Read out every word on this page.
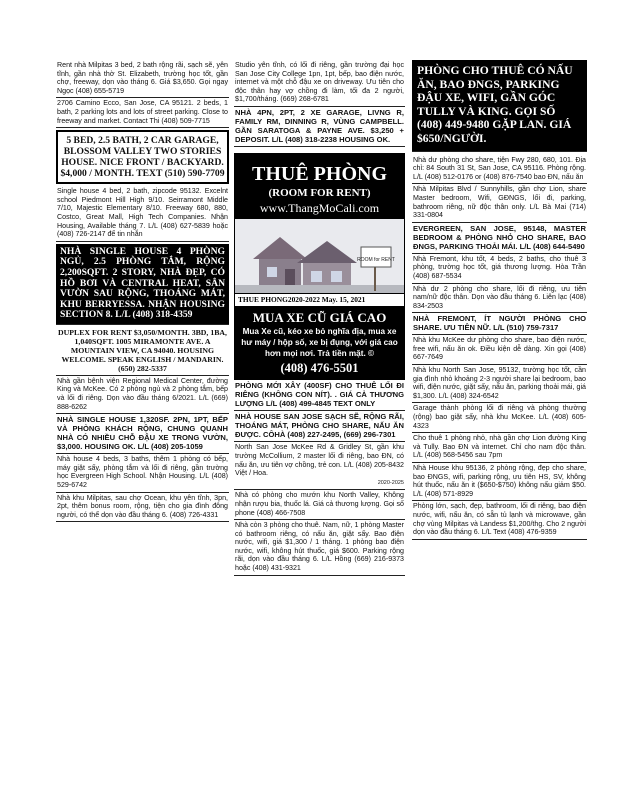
Rent nhà Milpitas 3 bed, 2 bath rộng rãi, sạch sẽ, yên tĩnh, gần nhà thờ St. Elizabeth, trường học tốt, gần chợ, freeway, dọn vào tháng 6. Giá $3,650. Gọi ngay Ngọc (408) 655-5719
2706 Camino Ecco, San Jose, CA 95121. 2 beds, 1 bath, 2 parking lots and lots of street parking. Close to freeway and market. Contact Thi (408) 509-7715
5 BED, 2.5 BATH, 2 CAR GARAGE, BLOSSOM VALLEY TWO STORIES HOUSE. NICE FRONT / BACKYARD. $4,000 / MONTH. TEXT (510) 590-7709
Single house 4 bed, 2 bath, zipcode 95132. Excelnt school Piedmont Hill High 9/10. Seirramont Middle 7/10, Majestic Elementary 8/10. Freeway 680, 880, Costco, Great Mall, High Tech Companies. Nhận Housing, Available tháng 7. L/L (408) 627-5839 hoặc (408) 726-2147 để tin nhắn
NHÀ SINGLE HOUSE 4 PHÒNG NGỦ, 2.5 PHÒNG TẮM, RỘNG 2,200SQFT. 2 STORY, NHÀ ĐẸP, CÓ HỒ BƠI VÀ CENTRAL HEAT, SÂN VƯỜN SAU RỘNG, THOÁNG MÁT, KHU BERRYESSA. NHẬN HOUSING SECTION 8. L/L (408) 318-4359
DUPLEX FOR RENT $3,050/MONTH. 3BD, 1BA, 1,040SQFT. 1005 MIRAMONTE AVE. A MOUNTAIN VIEW, CA 94040. HOUSING WELCOME. SPEAK ENGLISH / MANDARIN. (650) 282-5337
Nhà gần bệnh viện Regional Medical Center, đường King và McKee. Có 2 phòng ngủ và 2 phòng tắm, bếp và lối đi riêng. Dọn vào đầu tháng 6/2021. L/L (669) 888-6262
NHÀ SINGLE HOUSE 1,320SF. 2PN, 1PT, BẾP VÀ PHÒNG KHÁCH RỘNG, CHUNG QUANH NHÀ CÓ NHIỀU CHỖ ĐẬU XE TRONG VƯỜN, $3,000. HOUSING OK. L/L (408) 205-1059
Nhà house 4 beds, 3 baths, thêm 1 phòng có bếp, máy giặt sấy, phòng tắm và lối đi riêng, gần trường học Evergreen High School. Nhận Housing. L/L (408) 529-6742
Nhà khu Milpitas, sau chợ Ocean, khu yên tĩnh, 3pn, 2pt, thêm bonus room, rộng, tiện cho gia đình đông người, có thể dọn vào đầu tháng 6. (408) 726-4331
Studio yên tĩnh, có lối đi riêng, gần trường đại học San Jose City College 1pn, 1pt, bếp, bao điện nước, internet và một chỗ đậu xe on driveway. Ưu tiên cho độc thân hay vợ chồng đi làm, tối đa 2 người, $1,700/tháng. (669) 268-6781
NHÀ 4PN, 2PT, 2 XE GARAGE, LIVNG R, FAMILY RM, DINNING R, VÙNG CAMPBELL. GẦN SARATOGA & PAYNE AVE. $3,250 + DEPOSIT. L/L (408) 318-2238 HOUSING OK.
THUÊ PHÒNG
(ROOM FOR RENT)
www.ThangMoCali.com
ROOM for RENT
THUE PHONG2020-2022 May. 15, 2021
MUA XE CŨ GIÁ CAO
Mua Xe cũ, kéo xe bỏ nghĩa địa, mua xe hư máy / hộp số, xe bị đụng, với giá cao hơn mọi nơi. Trả tiền mặt. ©
(408) 476-5501
PHÒNG MỚI XÂY (400SF) CHO THUÊ LỐI ĐI RIÊNG (KHÔNG CON NÍT). . GIÁ CẢ THƯƠNG LƯỢNG L/L (408) 499-4845 TEXT ONLY
NHÀ HOUSE SAN JOSE SẠCH SẼ, RỘNG RÃI, THOÁNG MÁT, PHÒNG CHO SHARE, NẤU ĂN ĐƯỢC. CÔHÀ (408) 227-2495, (669) 296-7301
North San Jose McKee Rd & Gridley St, gần khu trường McCollium, 2 master lối đi riêng, bao ĐN, có nấu ăn, ưu tiên vợ chồng, trẻ con. L/L (408) 205-8432 Việt / Hoa.
2020-2025
Nhà có phòng cho mướn khu North Valley, Không nhận rượu bia, thuốc lá. Giá cả thương lượng. Gọi số phone (408) 466-7508
Nhà còn 3 phòng cho thuê. Nam, nữ, 1 phòng Master có bathroom riêng, có nấu ăn, giặt sấy. Bao điện nước, wifi, giá $1,300 / 1 tháng. 1 phòng bao điện nước, wifi, không hút thuốc, giá $600. Parking rộng rãi, dọn vào đầu tháng 6. L/L Hồng (669) 216-9373 hoặc (408) 431-9321
PHÒNG CHO THUÊ CÓ NẤU ĂN, BAO ĐNGS, PARKING ĐẬU XE, WIFI, GẦN GÓC TULLY VÀ KING. GỌI SỐ (408) 449-9480 GẶP LAN. GIÁ $650/NGƯỜI.
Nhà dư phòng cho share, tiện Fwy 280, 680, 101. Địa chỉ: 84 South 31 St, San Jose, CA 95116. Phòng rộng. L/L (408) 512-0176 or (408) 876-7540 bao ĐN, nấu ăn
Nhà Milpitas Blvd / Sunnyhills, gần chợ Lion, share Master bedroom, Wifi, GĐNGS, lối đi, parking, bathroom riêng, nữ độc thân only. L/L Bà Mai (714) 331-0804
EVERGREEN, SAN JOSE, 95148, MASTER BEDROOM & PHÒNG NHỎ CHO SHARE, BAO ĐNGS, PARKING THOẢI MÁI. L/L (408) 644-5490
Nhà Fremont, khu tốt, 4 beds, 2 baths, cho thuê 3 phòng, trường học tốt, giá thương lượng. Hòa Trần (408) 687-5534
Nhà dư 2 phòng cho share, lối đi riêng, ưu tiên nam/nữ độc thân. Dọn vào đầu tháng 6. Liên lạc (408) 834-2503
NHÀ FREMONT, ÍT NGƯỜI PHÒNG CHO SHARE. ƯU TIÊN NỮ. L/L (510) 759-7317
Nhà khu McKee dư phòng cho share, bao điện nước, free wifi, nấu ăn ok. Điều kiện dễ dàng. Xin gọi (408) 667-7649
Nhà khu North San Jose, 95132, trường học tốt, cần gia đình nhỏ khoảng 2-3 người share lại bedroom, bao wifi, điện nước, giặt sấy, nấu ăn, parking thoải mái, giá $1,300. L/L (408) 324-6542
Garage thành phòng lối đi riêng và phòng thường (rộng) bao giặt sấy, nhà khu McKee. L/L (408) 605-4323
Cho thuê 1 phòng nhỏ, nhà gần chợ Lion đường King và Tully. Bao ĐN và internet. Chỉ cho nam độc thân. L/L (408) 568-5456 sau 7pm
Nhà House khu 95136, 2 phòng rộng, đẹp cho share, bao ĐNGS, wifi, parking rộng, ưu tiên HS, SV, không hút thuốc, nấu ăn it ($650-$750) không nấu giảm $50. L/L (408) 571-8929
Phòng lớn, sạch, đẹp, bathroom, lối đi riêng, bao điện nước, wifi, nấu ăn, có sẵn tủ lạnh và microwave, gần chợ vùng Milpitas và Landess $1,200/thg. Cho 2 người dọn vào đầu tháng 6. L/L Text (408) 476-9359
